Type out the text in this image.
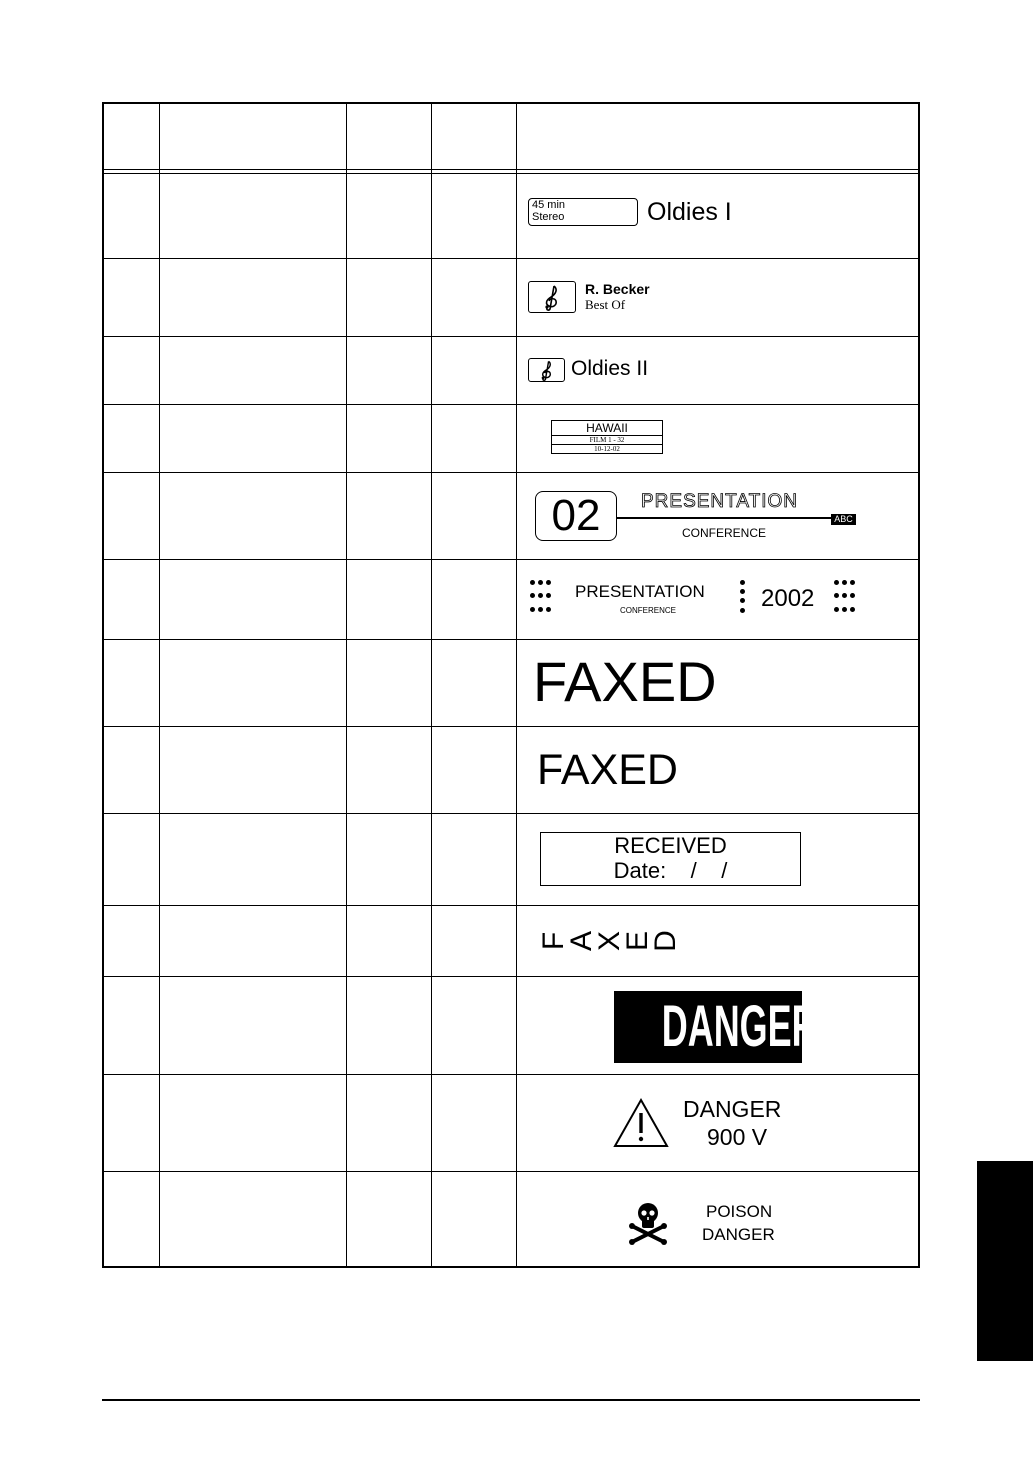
45 min
Stereo	Oldies I
R. Becker
Best Of
Oldies II
HAWAII
FILM 1 - 32
10-12-02
02	PRESENTATION
CONFERENCE
ABC
PRESENTATION
CONFERENCE	2002
FAXED
FAXED
RECEIVED
Date:    /    /
F
A
X
E
D
DANGER
DANGER
900 V
POISON
DANGER
